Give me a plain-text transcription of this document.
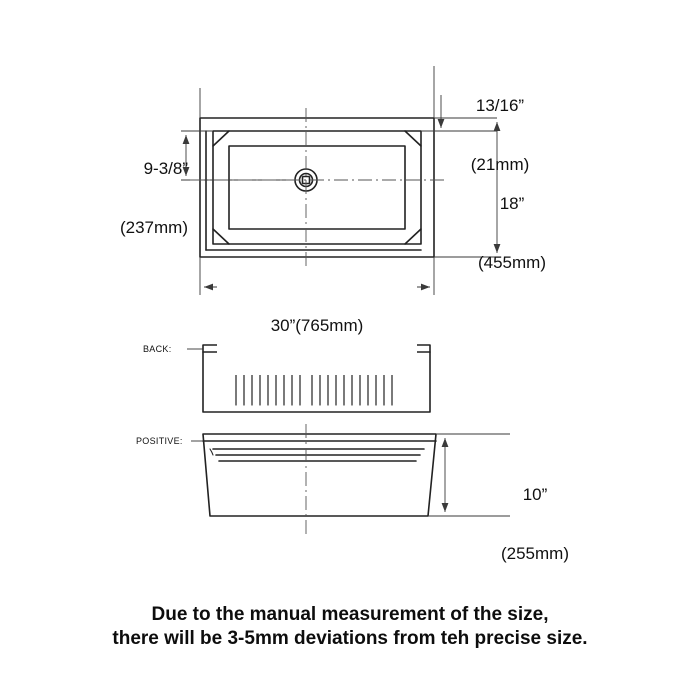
9-3/8”

(237mm)

13/16”

(21mm)

18”

(455mm)

30”(765mm)

10”

(255mm)

BACK:
POSITIVE:
Due to the manual measurement of the size,
there will be 3-5mm deviations from teh precise size.
